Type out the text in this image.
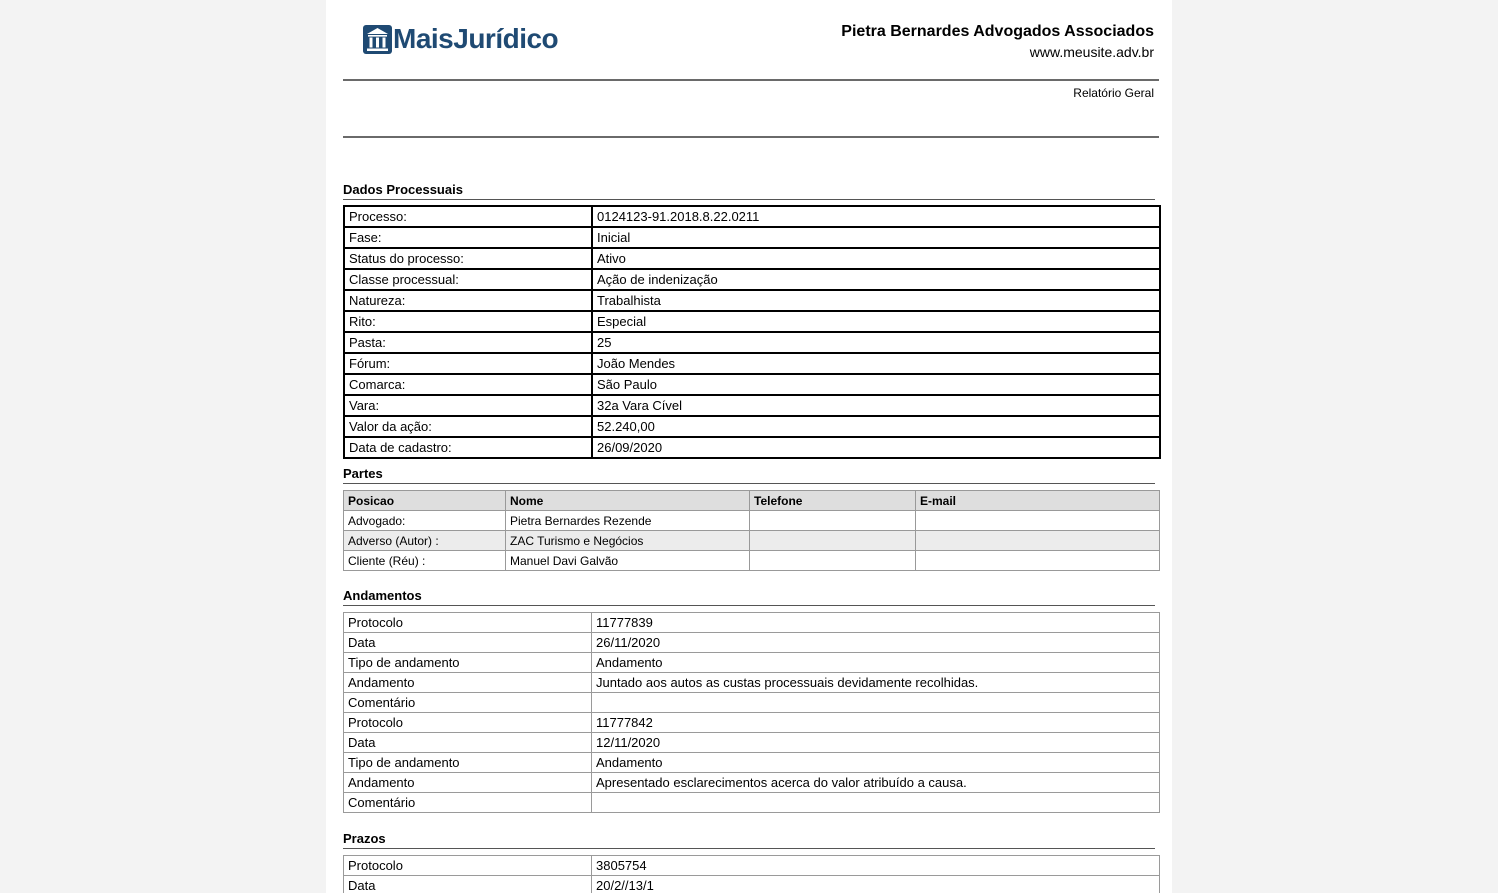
MaisJurídico	Pietra Bernardes Advogados Associados
www.meusite.adv.br
Relatório Geral
Dados Processuais
Processo:	0124123-91.2018.8.22.0211
Fase:	Inicial
Status do processo:	Ativo
Classe processual:	Ação de indenização
Natureza:	Trabalhista
Rito:	Especial
Pasta:	25
Fórum:	João Mendes
Comarca:	São Paulo
Vara:	32a Vara Cível
Valor da ação:	52.240,00
Data de cadastro:	26/09/2020
Partes
Posicao	Nome	Telefone	E-mail
Advogado:	Pietra Bernardes Rezende		
Adverso (Autor) :	ZAC Turismo e Negócios		
Cliente (Réu) :	Manuel Davi Galvão		
Andamentos
Protocolo	11777839
Data	26/11/2020
Tipo de andamento	Andamento
Andamento	Juntado aos autos as custas processuais devidamente recolhidas.
Comentário	
Protocolo	11777842
Data	12/11/2020
Tipo de andamento	Andamento
Andamento	Apresentado esclarecimentos acerca do valor atribuído a causa.
Comentário	
Prazos
Protocolo	3805754
Data	20/2//13/1
